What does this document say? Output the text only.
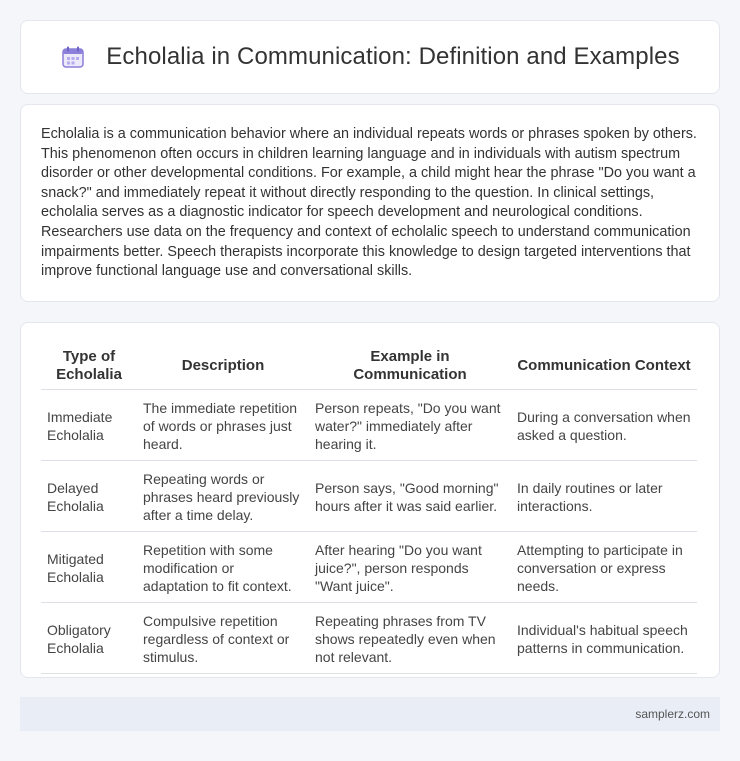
Echolalia in Communication: Definition and Examples

Echolalia is a communication behavior where an individual repeats words or phrases spoken by others. This phenomenon often occurs in children learning language and in individuals with autism spectrum disorder or other developmental conditions. For example, a child might hear the phrase "Do you want a snack?" and immediately repeat it without directly responding to the question. In clinical settings, echolalia serves as a diagnostic indicator for speech development and neurological conditions. Researchers use data on the frequency and context of echolalic speech to understand communication impairments better. Speech therapists incorporate this knowledge to design targeted interventions that improve functional language use and conversational skills.

Type of Echolalia	Description	Example in Communication	Communication Context
Immediate Echolalia	The immediate repetition of words or phrases just heard.	Person repeats, "Do you want water?" immediately after hearing it.	During a conversation when asked a question.
Delayed Echolalia	Repeating words or phrases heard previously after a time delay.	Person says, "Good morning" hours after it was said earlier.	In daily routines or later interactions.
Mitigated Echolalia	Repetition with some modification or adaptation to fit context.	After hearing "Do you want juice?", person responds "Want juice".	Attempting to participate in conversation or express needs.
Obligatory Echolalia	Compulsive repetition regardless of context or stimulus.	Repeating phrases from TV shows repeatedly even when not relevant.	Individual's habitual speech patterns in communication.
samplerz.com
